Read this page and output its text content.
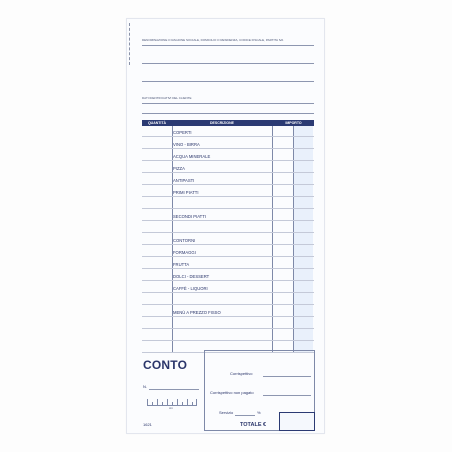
DENOMINAZIONE O RAGIONE SOCIALE, DOMICILIO O RESIDENZA, CODICE FISCALE, PARTITA IVA
DATI IDENTIFICATIVI DEL CLIENTE
QUANTITÀ	DESCRIZIONE	IMPORTO
COPERTI
VINO - BIRRA
ACQUA MINERALE
PIZZA
ANTIPASTI
PRIMI PIATTI
SECONDI PIATTI
CONTORNI
FORMAGGI
FRUTTA
DOLCI - DESSERT
CAFFÈ - LIQUORI
MENÙ A PREZZO FISSO
CONTO
N.
cm
1621
Corrispettivo
Corrispettivo non pagato
Servizio	%
TOTALE €
